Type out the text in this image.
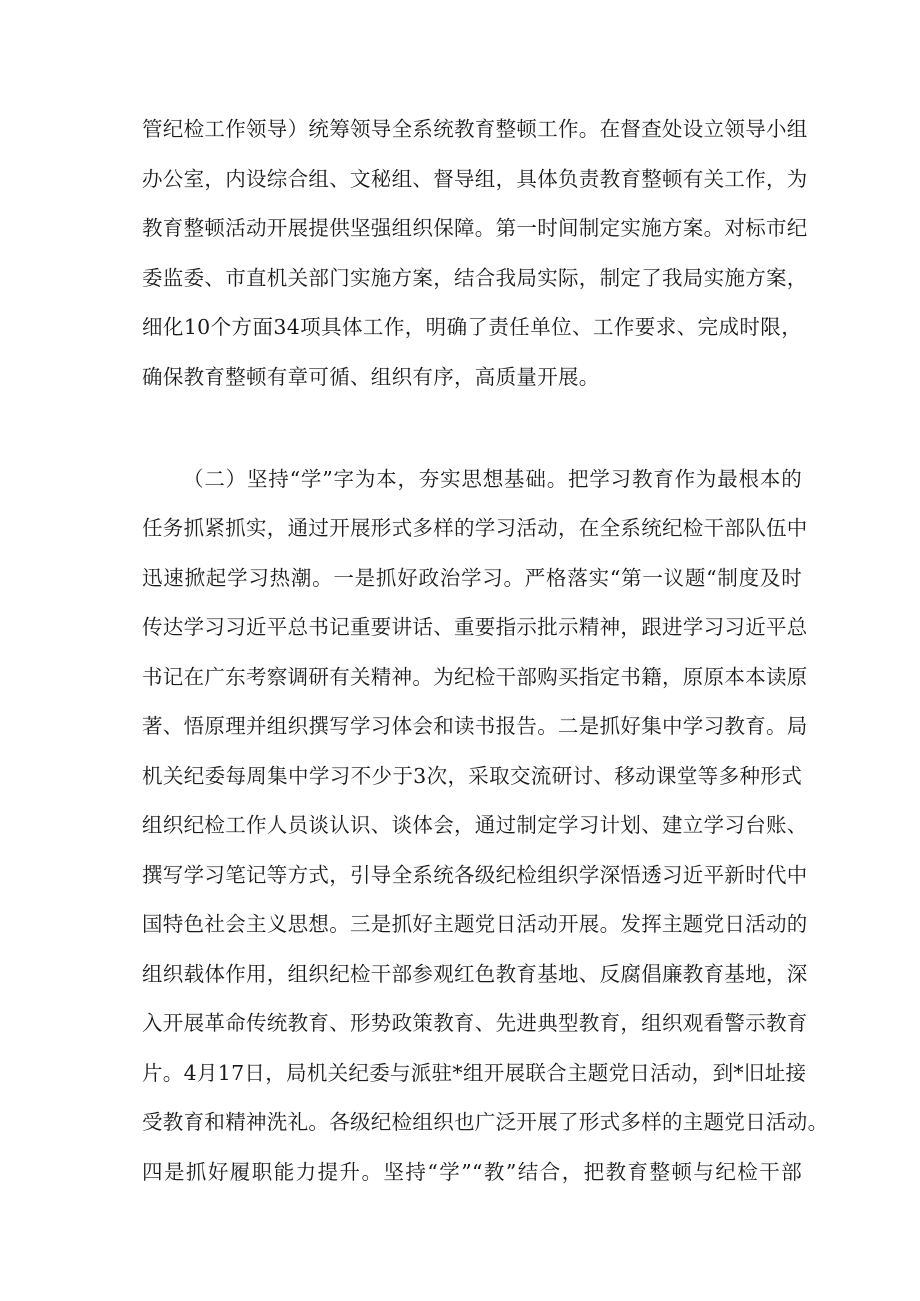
管纪检工作领导）统筹领导全系统教育整顿工作。在督查处设立领导小组
办公室，内设综合组、文秘组、督导组，具体负责教育整顿有关工作，为
教育整顿活动开展提供坚强组织保障。第一时间制定实施方案。对标市纪
委监委、市直机关部门实施方案，结合我局实际，制定了我局实施方案，
细化10个方面34项具体工作，明确了责任单位、工作要求、完成时限，
确保教育整顿有章可循、组织有序，高质量开展。
（二）坚持“学”字为本，夯实思想基础。把学习教育作为最根本的
任务抓紧抓实，通过开展形式多样的学习活动，在全系统纪检干部队伍中
迅速掀起学习热潮。一是抓好政治学习。严格落实“第一议题“制度及时
传达学习习近平总书记重要讲话、重要指示批示精神，跟进学习习近平总
书记在广东考察调研有关精神。为纪检干部购买指定书籍，原原本本读原
著、悟原理并组织撰写学习体会和读书报告。二是抓好集中学习教育。局
机关纪委每周集中学习不少于3次，采取交流研讨、移动课堂等多种形式
组织纪检工作人员谈认识、谈体会，通过制定学习计划、建立学习台账、
撰写学习笔记等方式，引导全系统各级纪检组织学深悟透习近平新时代中
国特色社会主义思想。三是抓好主题党日活动开展。发挥主题党日活动的
组织载体作用，组织纪检干部参观红色教育基地、反腐倡廉教育基地，深
入开展革命传统教育、形势政策教育、先进典型教育，组织观看警示教育
片。4月17日，局机关纪委与派驻*组开展联合主题党日活动，到*旧址接
受教育和精神洗礼。各级纪检组织也广泛开展了形式多样的主题党日活动。
四是抓好履职能力提升。坚持“学”“教”结合，把教育整顿与纪检干部
